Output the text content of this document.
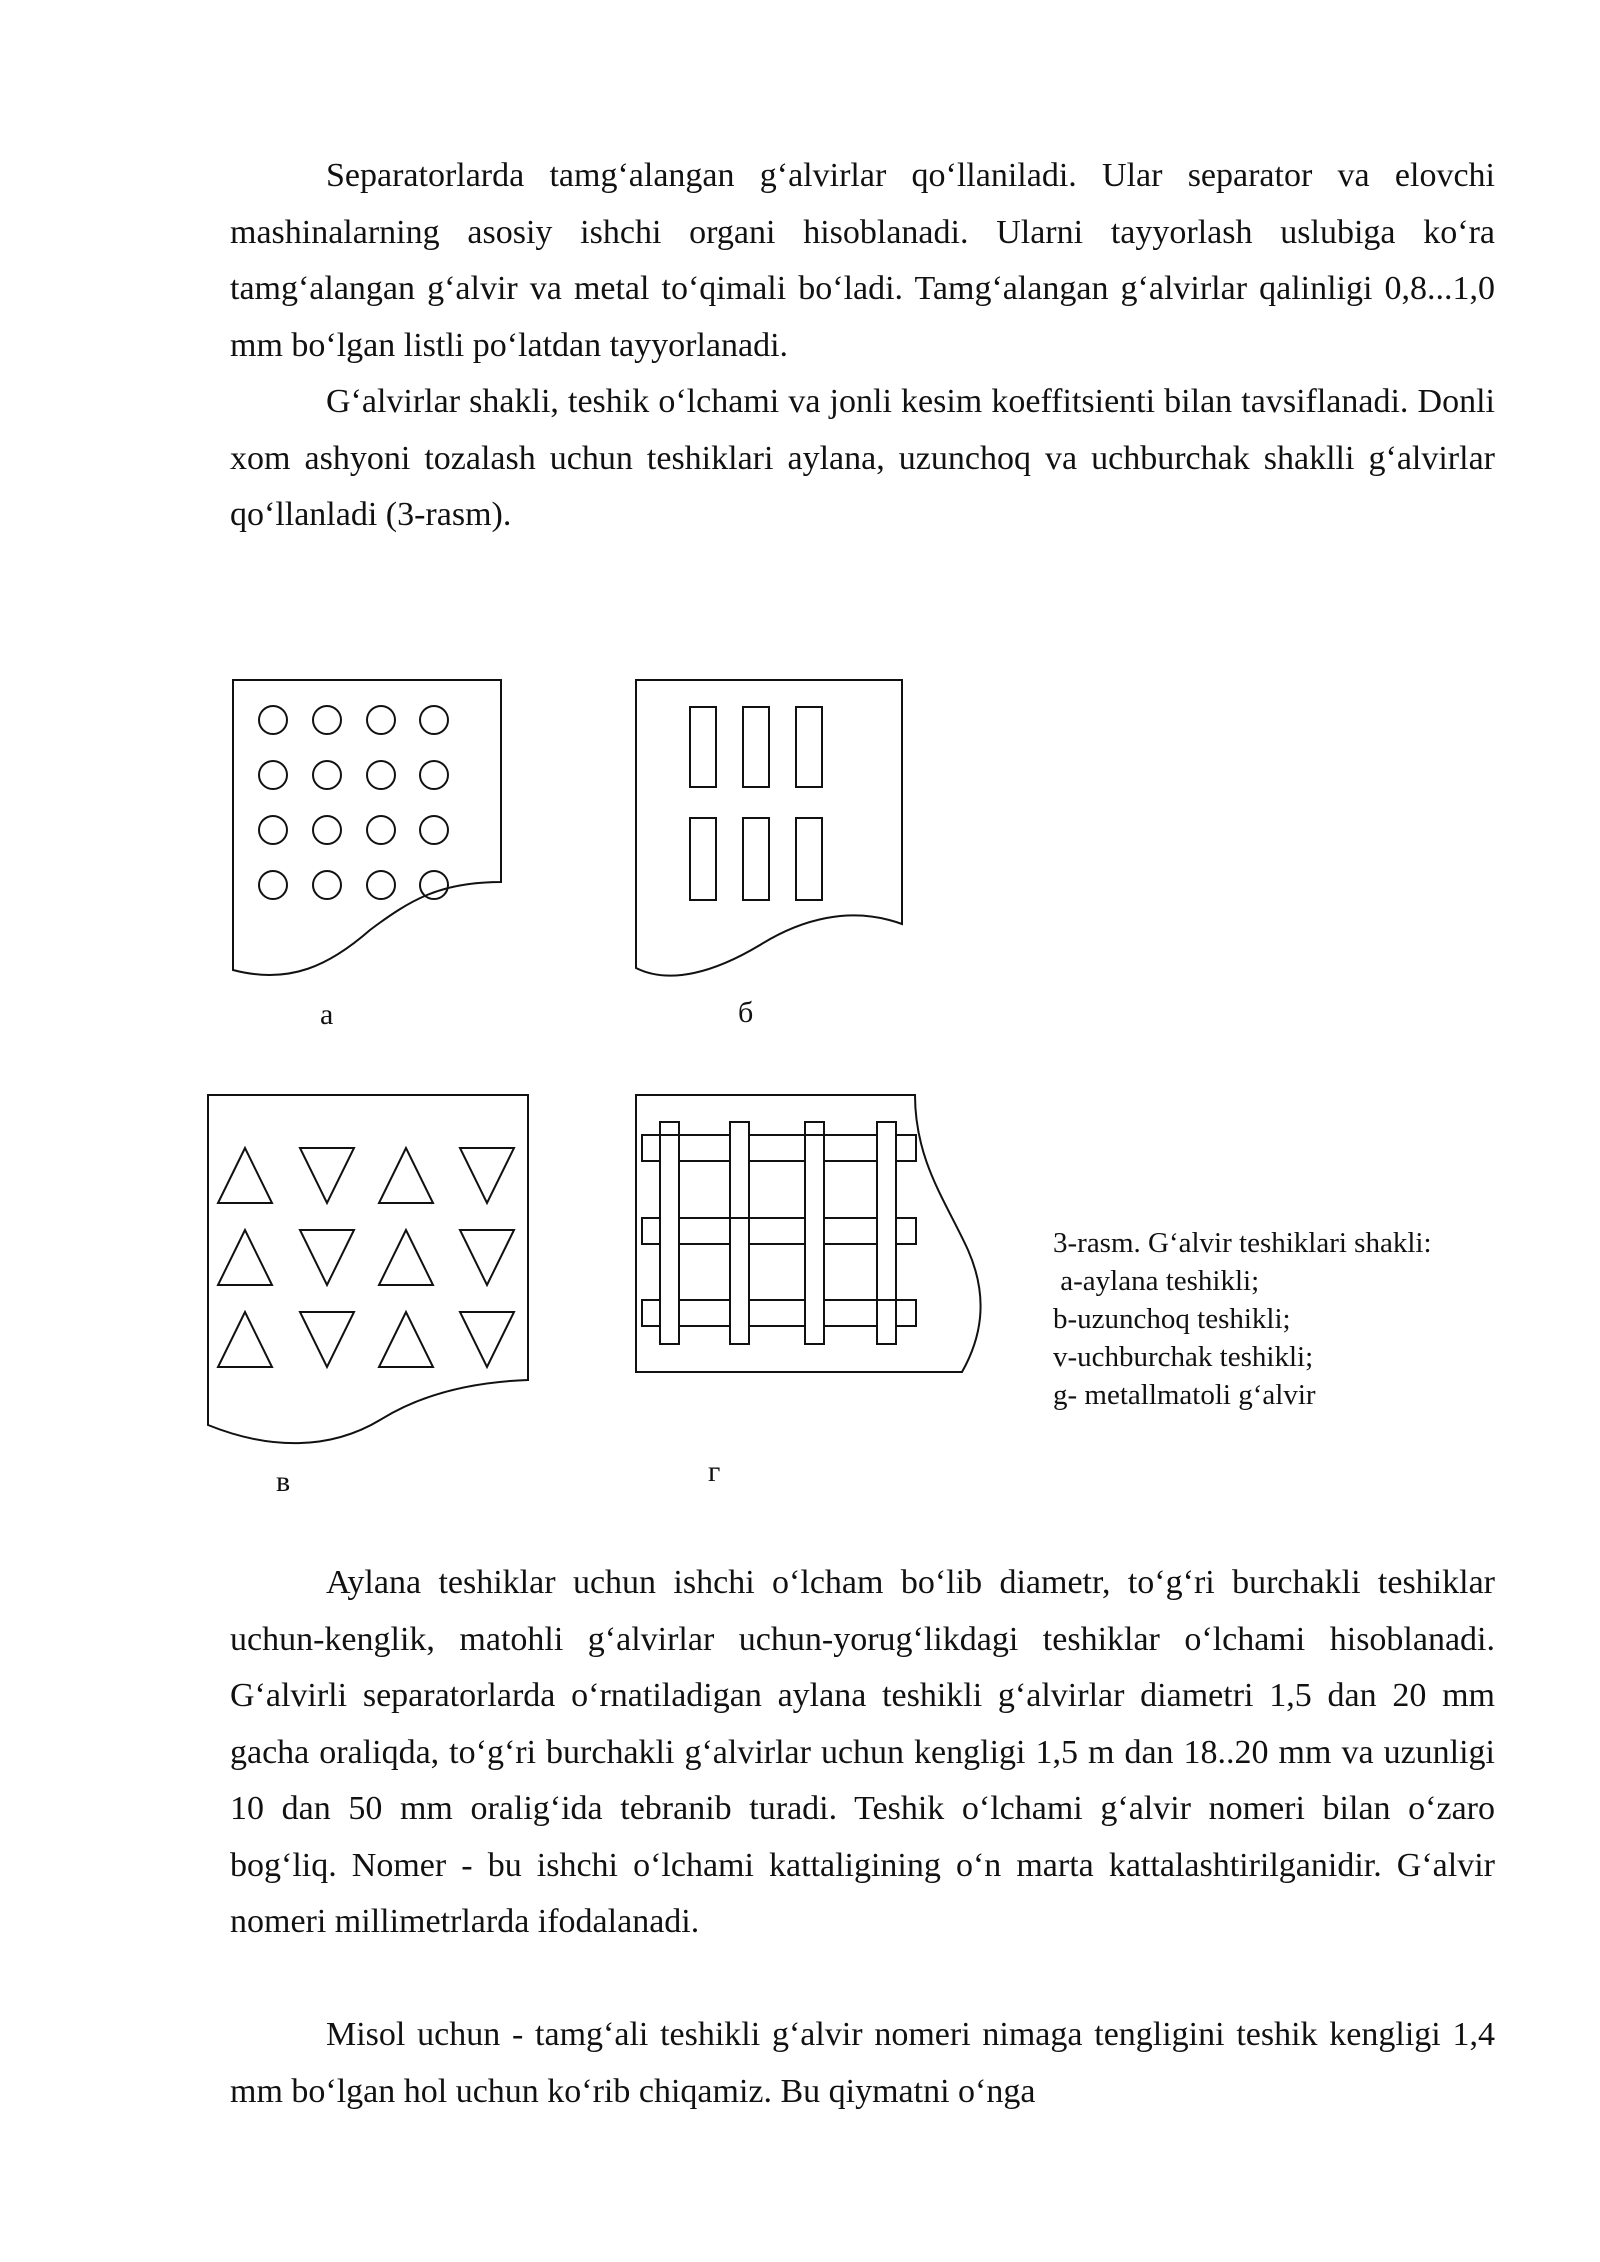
Separatorlarda tamg‘alangan g‘alvirlar qo‘llaniladi. Ular separator va elovchi mashinalarning asosiy ishchi organi hisoblanadi. Ularni tayyorlash uslubiga ko‘ra tamg‘alangan g‘alvir va metal to‘qimali bo‘ladi. Tamg‘alangan g‘alvirlar qalinligi 0,8...1,0 mm bo‘lgan listli po‘latdan tayyorlanadi.

G‘alvirlar shakli, teshik o‘lchami va jonli kesim koeffitsienti bilan tavsiflanadi. Donli xom ashyoni tozalash uchun teshiklari aylana, uzunchoq va uchburchak shaklli g‘alvirlar qo‘llanladi (3-rasm).

а	б
в	г
3-rasm. G‘alvir teshiklari shakli:
a-aylana teshikli;
b-uzunchoq teshikli;
v-uchburchak teshikli;
g- metallmatoli g‘alvir

Aylana teshiklar uchun ishchi o‘lcham bo‘lib diametr, to‘g‘ri burchakli teshiklar uchun-kenglik, matohli g‘alvirlar uchun-yorug‘likdagi teshiklar o‘lchami hisoblanadi. G‘alvirli separatorlarda o‘rnatiladigan aylana teshikli g‘alvirlar diametri 1,5 dan 20 mm gacha oraliqda, to‘g‘ri burchakli g‘alvirlar uchun kengligi 1,5 m dan 18..20 mm va uzunligi 10 dan 50 mm oralig‘ida tebranib turadi. Teshik o‘lchami g‘alvir nomeri bilan o‘zaro bog‘liq. Nomer - bu ishchi o‘lchami kattaligining o‘n marta kattalashtirilganidir. G‘alvir nomeri millimetrlarda ifodalanadi.

Misol uchun - tamg‘ali teshikli g‘alvir nomeri nimaga tengligini teshik kengligi 1,4 mm bo‘lgan hol uchun ko‘rib chiqamiz. Bu qiymatni o‘nga
